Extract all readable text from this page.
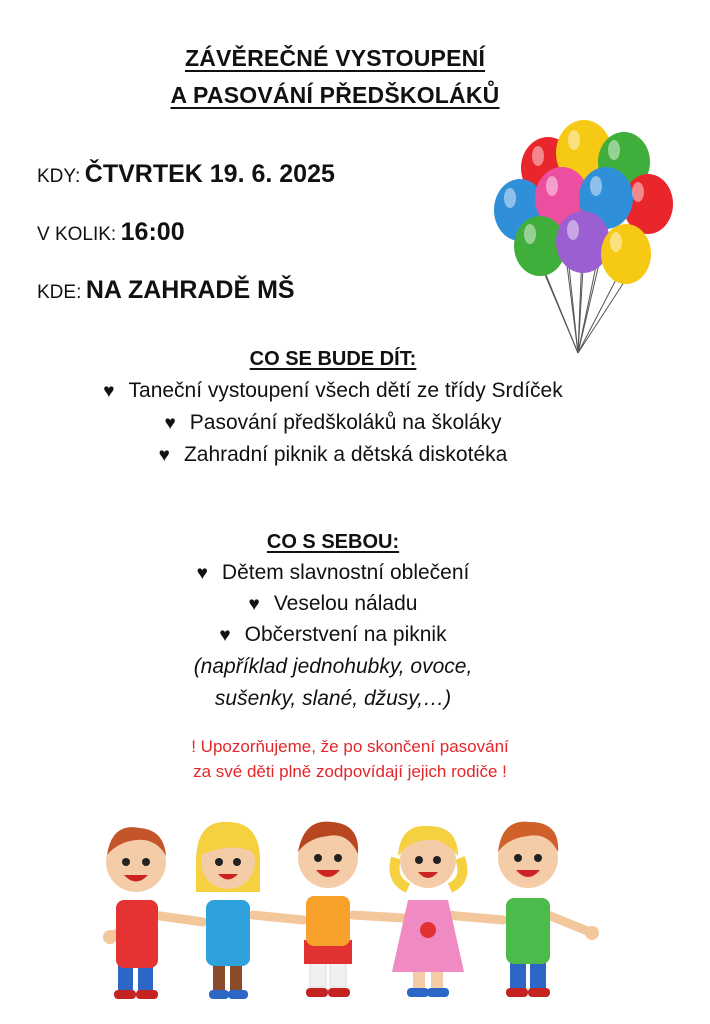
ZÁVĚREČNÉ VYSTOUPENÍ
A PASOVÁNÍ PŘEDŠKOLÁKŮ
KDY: ČTVRTEK 19. 6. 2025
V KOLIK: 16:00
KDE: NA ZAHRADĚ MŠ
CO SE BUDE DÍT:
♥ Taneční vystoupení všech dětí ze třídy Srdíček
♥ Pasování předškoláků na školáky
♥ Zahradní piknik a dětská diskotéka
CO S SEBOU:
♥ Dětem slavnostní oblečení
♥ Veselou náladu
♥ Občerstvení na piknik
(například jednohubky, ovoce,
sušenky, slané, džusy,…)
! Upozorňujeme, že po skončení pasování
za své děti plně zodpovídají jejich rodiče !
